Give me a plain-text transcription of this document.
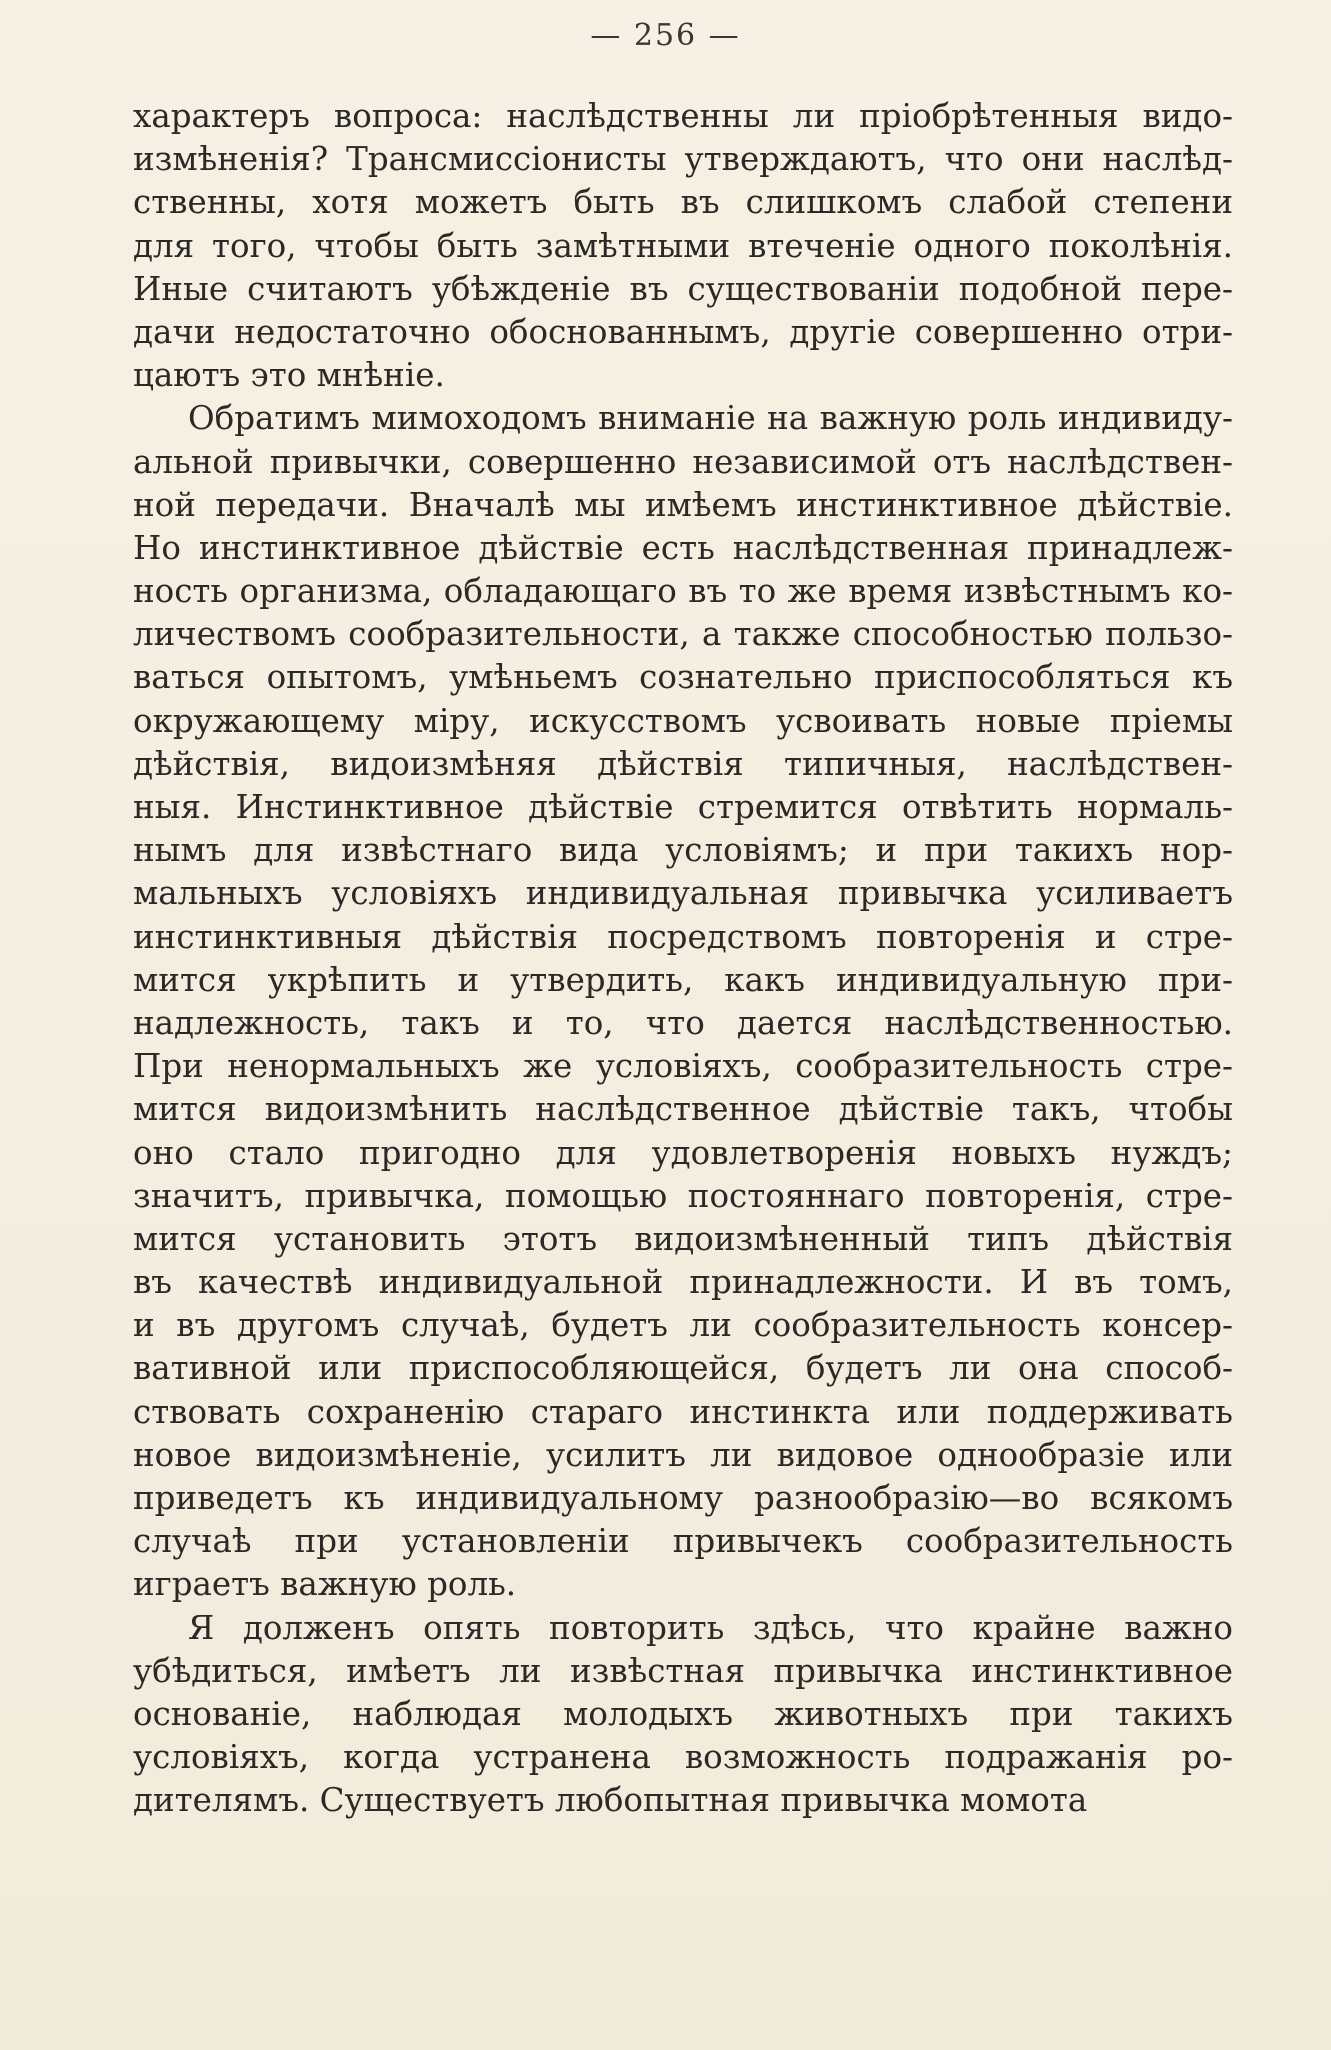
— 256 —
характеръ вопроса: наслѣдственны ли пріобрѣтенныя видо-
измѣненія? Трансмиссіонисты утверждаютъ, что они наслѣд-
ственны, хотя можетъ быть въ слишкомъ слабой степени
для того, чтобы быть замѣтными втеченіе одного поколѣнія.
Иные считаютъ убѣжденіе въ существованіи подобной пере-
дачи недостаточно обоснованнымъ, другіе совершенно отри-
цаютъ это мнѣніе.
Обратимъ мимоходомъ вниманіе на важную роль индивиду-
альной привычки, совершенно независимой отъ наслѣдствен-
ной передачи. Вначалѣ мы имѣемъ инстинктивное дѣйствіе.
Но инстинктивное дѣйствіе есть наслѣдственная принадлеж-
ность организма, обладающаго въ то же время извѣстнымъ ко-
личествомъ сообразительности, а также способностью пользо-
ваться опытомъ, умѣньемъ сознательно приспособляться къ
окружающему міру, искусствомъ усвоивать новые пріемы
дѣйствія, видоизмѣняя дѣйствія типичныя, наслѣдствен-
ныя. Инстинктивное дѣйствіе стремится отвѣтить нормаль-
нымъ для извѣстнаго вида условіямъ; и при такихъ нор-
мальныхъ условіяхъ индивидуальная привычка усиливаетъ
инстинктивныя дѣйствія посредствомъ повторенія и стре-
мится укрѣпить и утвердить, какъ индивидуальную при-
надлежность, такъ и то, что дается наслѣдственностью.
При ненормальныхъ же условіяхъ, сообразительность стре-
мится видоизмѣнить наслѣдственное дѣйствіе такъ, чтобы
оно стало пригодно для удовлетворенія новыхъ нуждъ;
значитъ, привычка, помощью постояннаго повторенія, стре-
мится установить этотъ видоизмѣненный типъ дѣйствія
въ качествѣ индивидуальной принадлежности. И въ томъ,
и въ другомъ случаѣ, будетъ ли сообразительность консер-
вативной или приспособляющейся, будетъ ли она способ-
ствовать сохраненію стараго инстинкта или поддерживать
новое видоизмѣненіе, усилитъ ли видовое однообразіе или
приведетъ къ индивидуальному разнообразію—во всякомъ
случаѣ при установленіи привычекъ сообразительность
играетъ важную роль.
Я долженъ опять повторить здѣсь, что крайне важно
убѣдиться, имѣетъ ли извѣстная привычка инстинктивное
основаніе, наблюдая молодыхъ животныхъ при такихъ
условіяхъ, когда устранена возможность подражанія ро-
дителямъ. Существуетъ любопытная привычка момота
